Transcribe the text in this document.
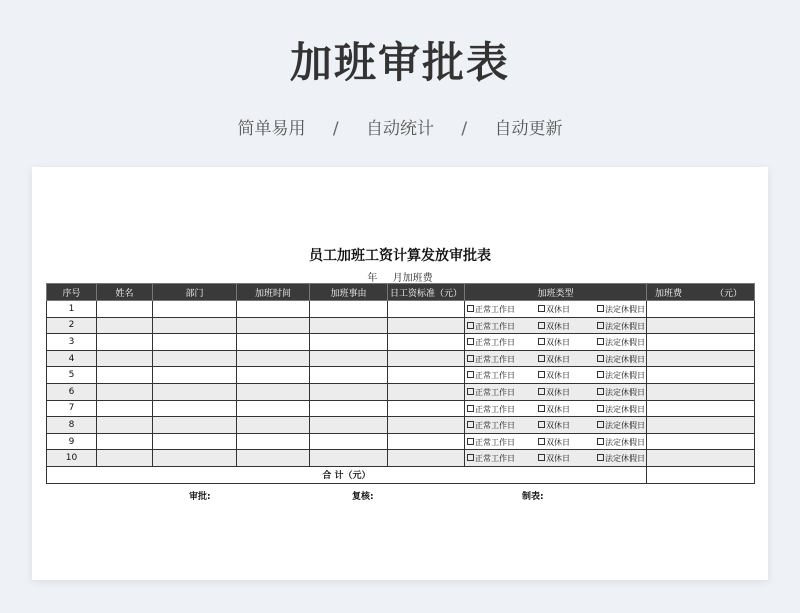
加班审批表
简单易用 / 自动统计 / 自动更新
员工加班工资计算发放审批表
年 月加班费
序号	姓名	部门	加班时间	加班事由	日工资标准（元）	加班类型	加班费 （元）

1						正常工作日 双休日 法定休假日	

2						正常工作日 双休日 法定休假日	

3						正常工作日 双休日 法定休假日	

4						正常工作日 双休日 法定休假日	

5						正常工作日 双休日 法定休假日	

6						正常工作日 双休日 法定休假日	

7						正常工作日 双休日 法定休假日	

8						正常工作日 双休日 法定休假日	

9						正常工作日 双休日 法定休假日	

10						正常工作日 双休日 法定休假日	

合 计（元）							
审批:	复核:	制表:
